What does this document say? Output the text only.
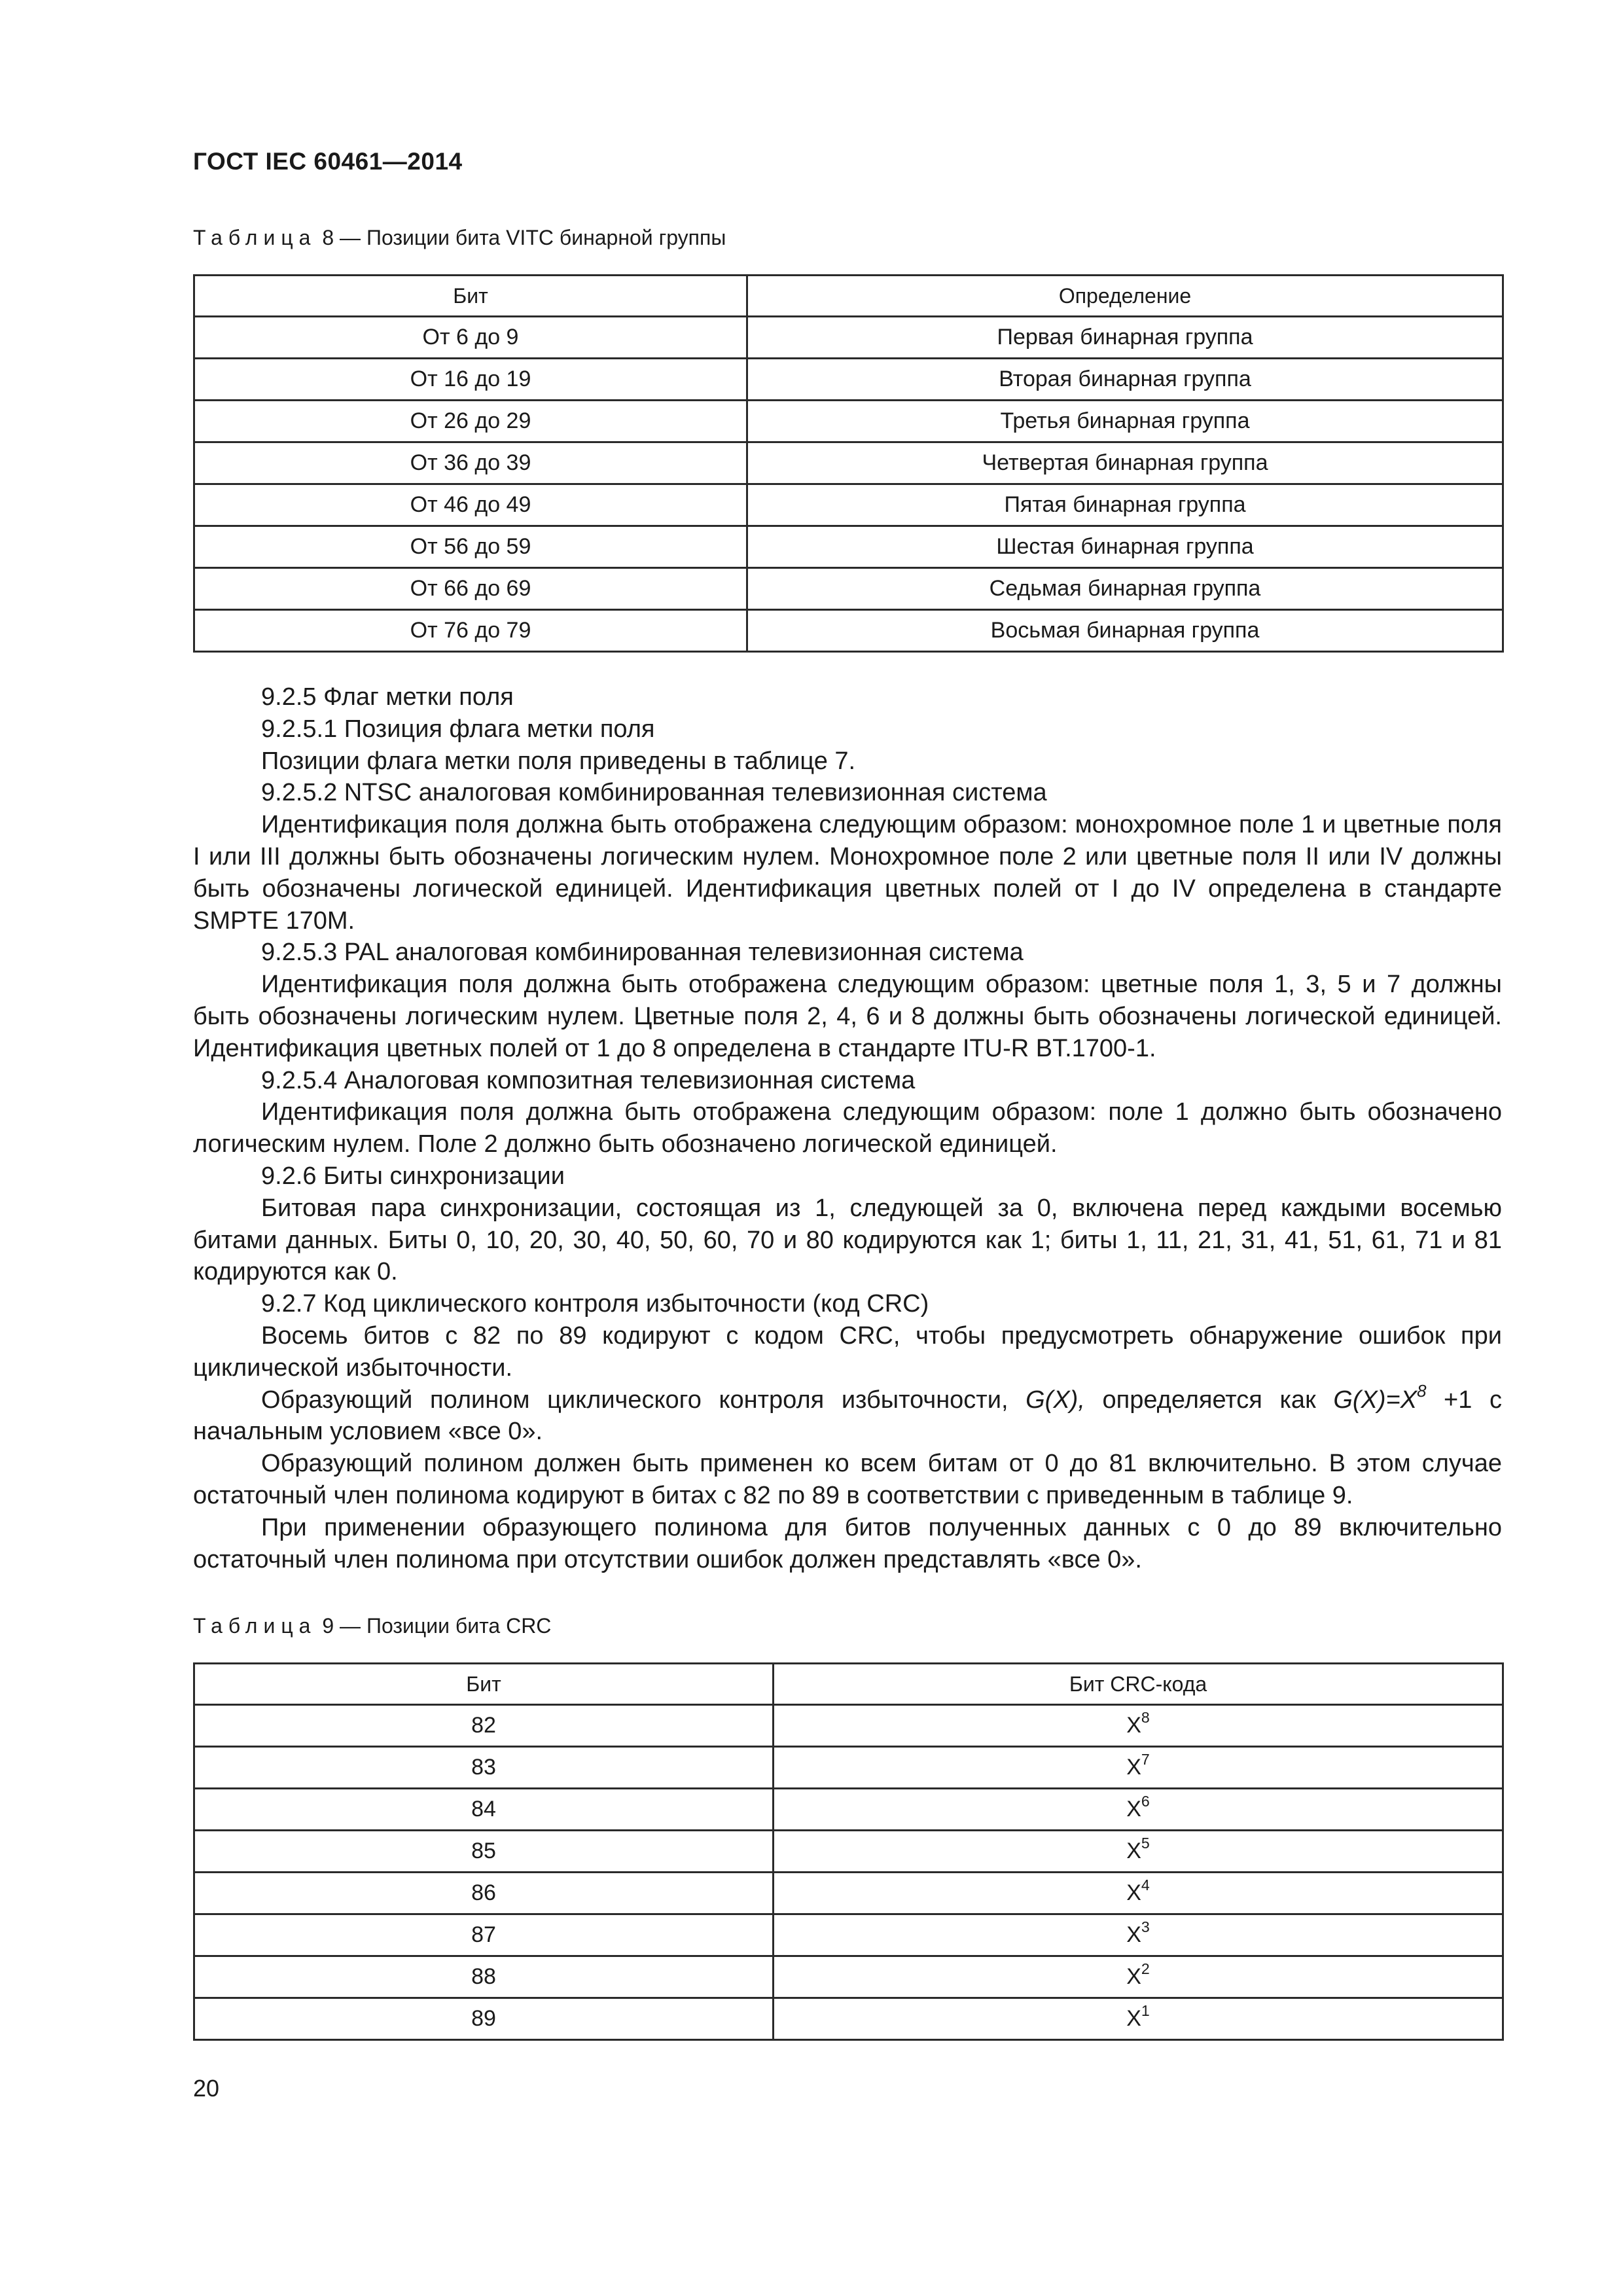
ГОСТ IEC 60461—2014
Таблица 8 — Позиции бита VITC бинарной группы
Бит	Определение
От 6 до 9	Первая бинарная группа
От 16 до 19	Вторая бинарная группа
От 26 до 29	Третья бинарная группа
От 36 до 39	Четвертая бинарная группа
От 46 до 49	Пятая бинарная группа
От 56 до 59	Шестая бинарная группа
От 66 до 69	Седьмая бинарная группа
От 76 до 79	Восьмая бинарная группа

9.2.5 Флаг метки поля

9.2.5.1 Позиция флага метки поля

Позиции флага метки поля приведены в таблице 7.

9.2.5.2 NTSC аналоговая комбинированная телевизионная система

Идентификация поля должна быть отображена следующим образом: монохромное поле 1 и цветные поля I или III должны быть обозначены логическим нулем. Монохромное поле 2 или цветные поля II или IV должны быть обозначены логической единицей. Идентификация цветных полей от I до IV определена в стандарте SMPTE 170M.

9.2.5.3 PAL аналоговая комбинированная телевизионная система

Идентификация поля должна быть отображена следующим образом: цветные поля 1, 3, 5 и 7 должны быть обозначены логическим нулем. Цветные поля 2, 4, 6 и 8 должны быть обозначены логической единицей. Идентификация цветных полей от 1 до 8 определена в стандарте ITU-R BT.1700-1.

9.2.5.4 Аналоговая композитная телевизионная система

Идентификация поля должна быть отображена следующим образом: поле 1 должно быть обозначено логическим нулем. Поле 2 должно быть обозначено логической единицей.

9.2.6 Биты синхронизации

Битовая пара синхронизации, состоящая из 1, следующей за 0, включена перед каждыми восемью битами данных. Биты 0, 10, 20, 30, 40, 50, 60, 70 и 80 кодируются как 1; биты 1, 11, 21, 31, 41, 51, 61, 71 и 81 кодируются как 0.

9.2.7 Код циклического контроля избыточности (код CRC)

Восемь битов с 82 по 89 кодируют с кодом CRC, чтобы предусмотреть обнаружение ошибок при циклической избыточности.

Образующий полином циклического контроля избыточности, G(X), определяется как $G(X)=X^8 +1$ с начальным условием «все 0».

Образующий полином должен быть применен ко всем битам от 0 до 81 включительно. В этом случае остаточный член полинома кодируют в битах с 82 по 89 в соответствии с приведенным в таблице 9.

При применении образующего полинома для битов полученных данных с 0 до 89 включительно остаточный член полинома при отсутствии ошибок должен представлять «все 0».

Таблица 9 — Позиции бита CRC
Бит	Бит CRC-кода
82	$X^8$
83	$X^7$
84	$X^6$
85	$X^5$
86	$X^4$
87	$X^3$
88	$X^2$
89	$X^1$
20
